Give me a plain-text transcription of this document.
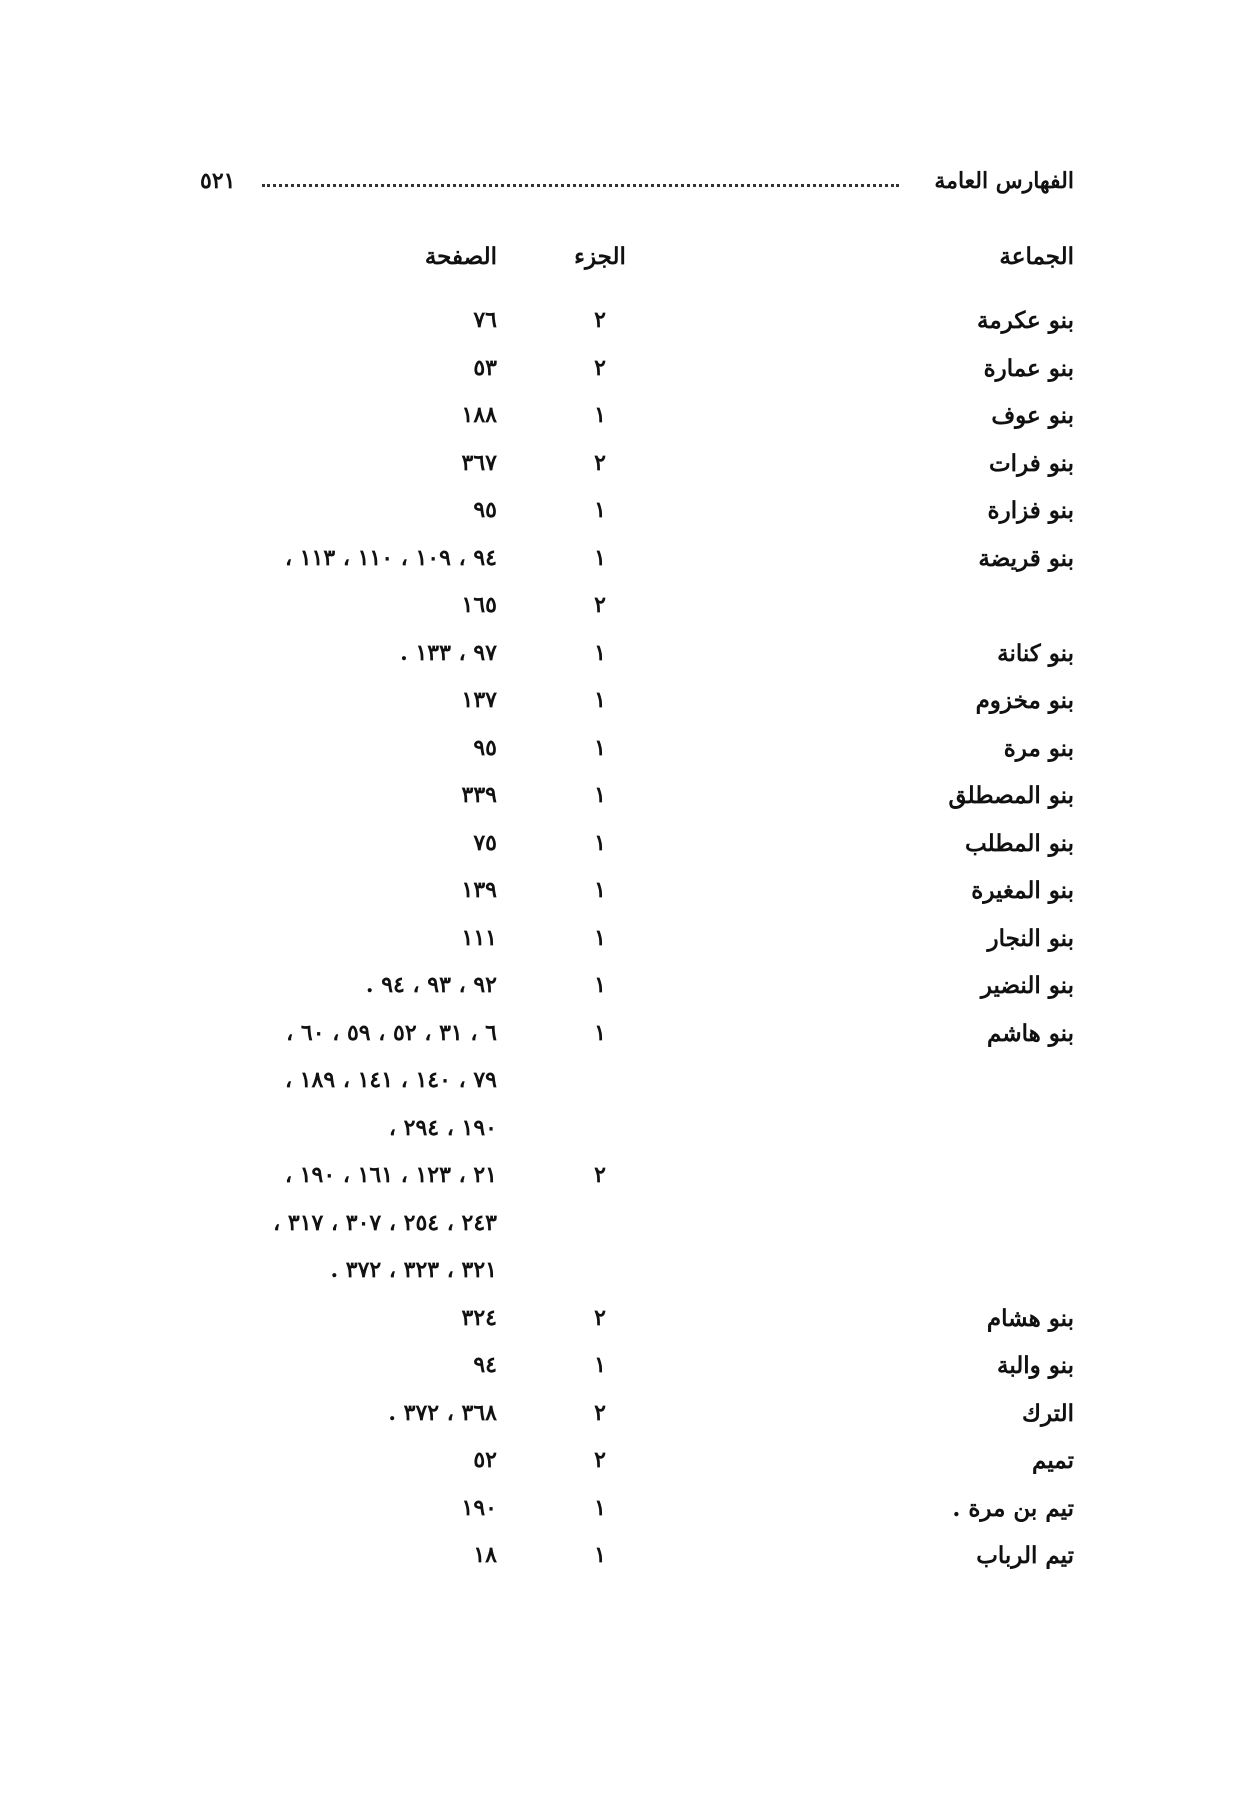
الفهارس العامة
٥٢١
الجماعة
الجزء
الصفحة
بنو عكرمة
٢
٧٦
بنو عمارة
٢
٥٣
بنو عوف
١
١٨٨
بنو فرات
٢
٣٦٧
بنو فزارة
١
٩٥
بنو قريضة
١
٩٤ ، ١٠٩ ، ١١٠ ، ١١٣ ،
٢
١٦٥
بنو كنانة
١
٩٧ ، ١٣٣ .
بنو مخزوم
١
١٣٧
بنو مرة
١
٩٥
بنو المصطلق
١
٣٣٩
بنو المطلب
١
٧٥
بنو المغيرة
١
١٣٩
بنو النجار
١
١١١
بنو النضير
١
٩٢ ، ٩٣ ، ٩٤ .
بنو هاشم
١
٦ ، ٣١ ، ٥٢ ، ٥٩ ، ٦٠ ،
٧٩ ، ١٤٠ ، ١٤١ ، ١٨٩ ،
١٩٠ ، ٢٩٤ ،
٢
٢١ ، ١٢٣ ، ١٦١ ، ١٩٠ ،
٢٤٣ ، ٢٥٤ ، ٣٠٧ ، ٣١٧ ،
٣٢١ ، ٣٢٣ ، ٣٧٢ .
بنو هشام
٢
٣٢٤
بنو والبة
١
٩٤
الترك
٢
٣٦٨ ، ٣٧٢ .
تميم
٢
٥٢
تيم بن مرة .
١
١٩٠
تيم الرباب
١
١٨
